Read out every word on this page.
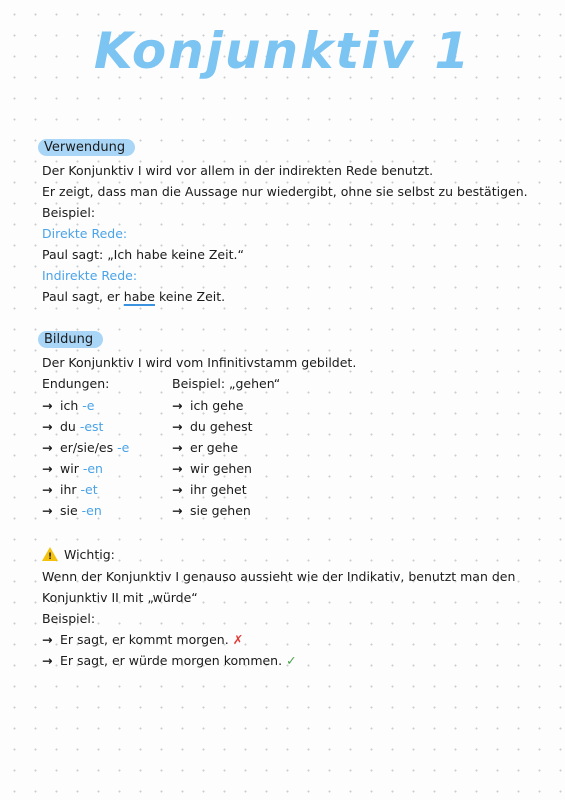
Konjunktiv 1
Verwendung
Der Konjunktiv I wird vor allem in der indirekten Rede benutzt.
Er zeigt, dass man die Aussage nur wiedergibt, ohne sie selbst zu bestätigen.
Beispiel:
Direkte Rede:
Paul sagt: „Ich habe keine Zeit.“
Indirekte Rede:
Paul sagt, er habe keine Zeit.
Bildung
Der Konjunktiv I wird vom Infinitivstamm gebildet.
Endungen:	Beispiel: „gehen“
→ ich -e	→ ich gehe
→ du -est	→ du gehest
→ er/sie/es -e	→ er gehe
→ wir -en	→ wir gehen
→ ihr -et	→ ihr gehet
→ sie -en	→ sie gehen
!Wichtig:
Wenn der Konjunktiv I genauso aussieht wie der Indikativ, benutzt man den
Konjunktiv II mit „würde“
Beispiel:
→ Er sagt, er kommt morgen. ✗
→ Er sagt, er würde morgen kommen. ✓
